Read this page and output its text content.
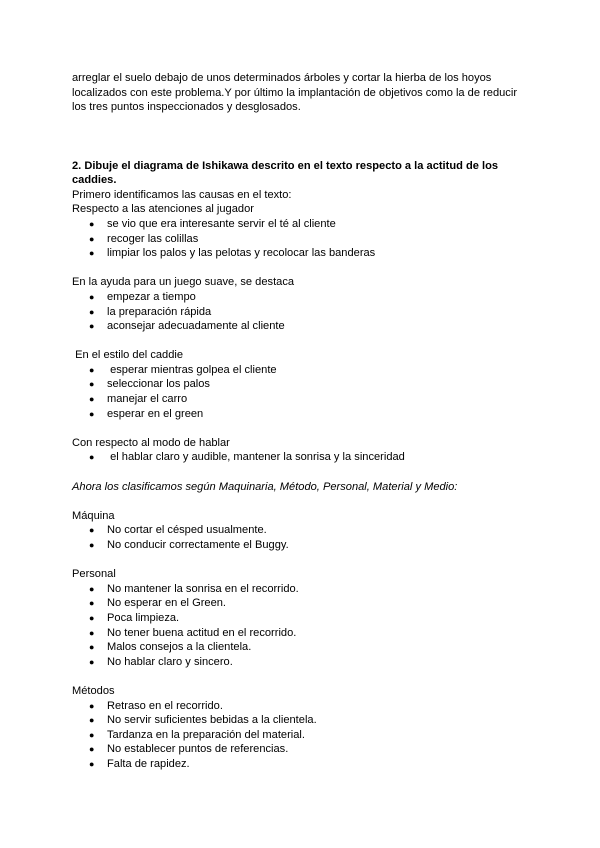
arreglar el suelo debajo de unos determinados árboles y cortar la hierba de los hoyos

localizados con este problema.Y por último la implantación de objetivos como la de reducir

los tres puntos inspeccionados y desglosados.

2. Dibuje el diagrama de Ishikawa descrito en el texto respecto a la actitud de los caddies.

Primero identificamos las causas en el texto:

Respecto a las atenciones al jugador

● se vio que era interesante servir el té al cliente
● recoger las colillas
● limpiar los palos y las pelotas y recolocar las banderas

En la ayuda para un juego suave, se destaca

● empezar a tiempo
● la preparación rápida
● aconsejar adecuadamente al cliente

En el estilo del caddie

● esperar mientras golpea el cliente
● seleccionar los palos
● manejar el carro
● esperar en el green

Con respecto al modo de hablar

● el hablar claro y audible, mantener la sonrisa y la sinceridad

Ahora los clasificamos según Maquinaria, Método, Personal, Material y Medio:

Máquina

● No cortar el césped usualmente.
● No conducir correctamente el Buggy.

Personal

● No mantener la sonrisa en el recorrido.
● No esperar en el Green.
● Poca limpieza.
● No tener buena actitud en el recorrido.
● Malos consejos a la clientela.
● No hablar claro y sincero.

Métodos

● Retraso en el recorrido.
● No servir suficientes bebidas a la clientela.
● Tardanza en la preparación del material.
● No establecer puntos de referencias.
● Falta de rapidez.
